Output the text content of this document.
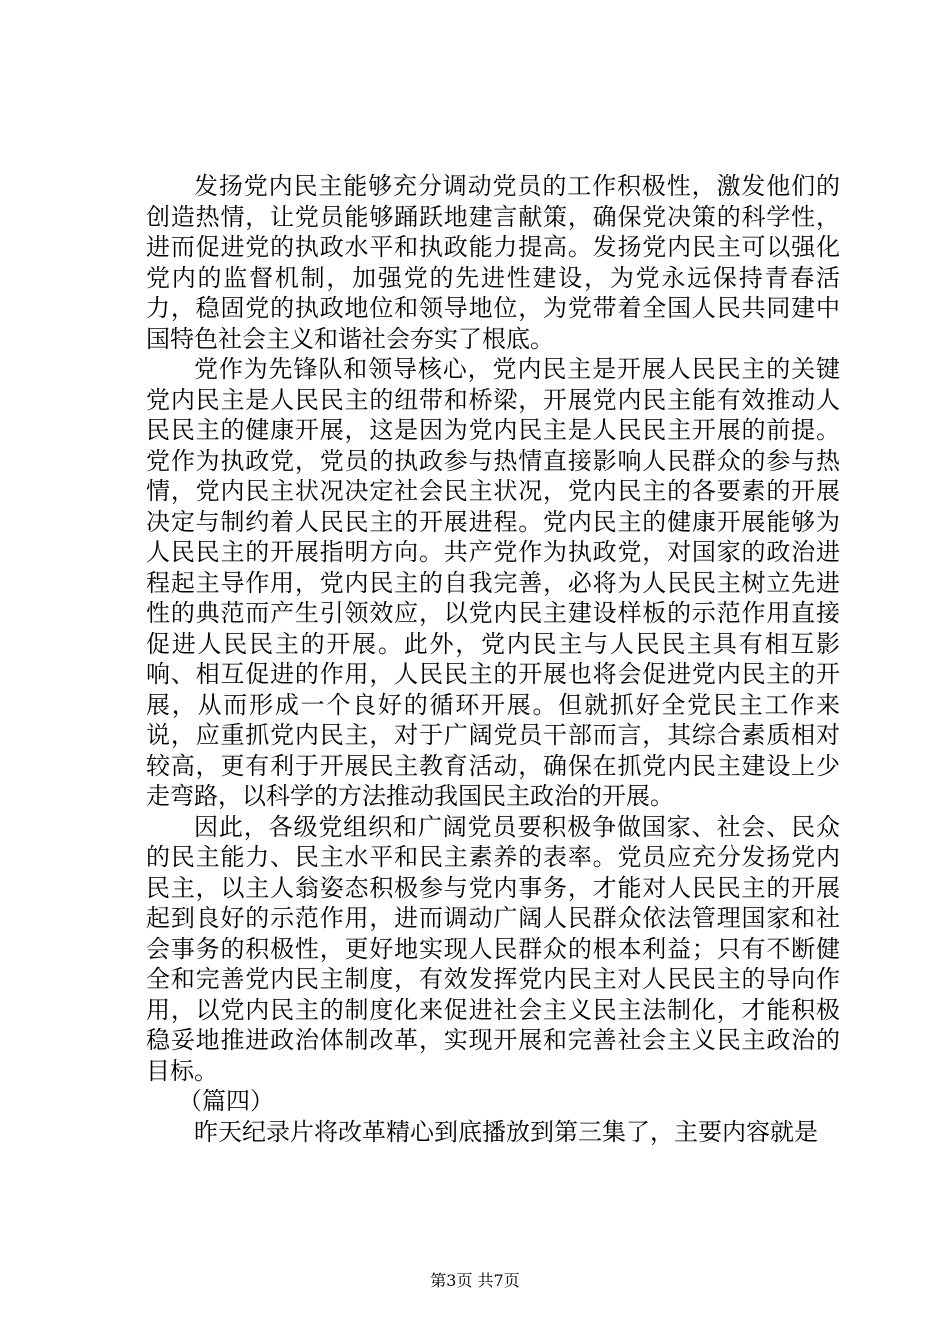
发扬党内民主能够充分调动党员的工作积极性，激发他们的创造热情，让党员能够踊跃地建言献策，确保党决策的科学性，进而促进党的执政水平和执政能力提高。发扬党内民主可以强化党内的监督机制，加强党的先进性建设，为党永远保持青春活力，稳固党的执政地位和领导地位，为党带着全国人民共同建中国特色社会主义和谐社会夯实了根底。

党作为先锋队和领导核心，党内民主是开展人民民主的关键党内民主是人民民主的纽带和桥梁，开展党内民主能有效推动人民民主的健康开展，这是因为党内民主是人民民主开展的前提。党作为执政党，党员的执政参与热情直接影响人民群众的参与热情，党内民主状况决定社会民主状况，党内民主的各要素的开展决定与制约着人民民主的开展进程。党内民主的健康开展能够为人民民主的开展指明方向。共产党作为执政党，对国家的政治进程起主导作用，党内民主的自我完善，必将为人民民主树立先进性的典范而产生引领效应，以党内民主建设样板的示范作用直接促进人民民主的开展。此外，党内民主与人民民主具有相互影响、相互促进的作用，人民民主的开展也将会促进党内民主的开展，从而形成一个良好的循环开展。但就抓好全党民主工作来说，应重抓党内民主，对于广阔党员干部而言，其综合素质相对较高，更有利于开展民主教育活动，确保在抓党内民主建设上少走弯路，以科学的方法推动我国民主政治的开展。

因此，各级党组织和广阔党员要积极争做国家、社会、民众的民主能力、民主水平和民主素养的表率。党员应充分发扬党内民主，以主人翁姿态积极参与党内事务，才能对人民民主的开展起到良好的示范作用，进而调动广阔人民群众依法管理国家和社会事务的积极性，更好地实现人民群众的根本利益；只有不断健全和完善党内民主制度，有效发挥党内民主对人民民主的导向作用，以党内民主的制度化来促进社会主义民主法制化，才能积极稳妥地推进政治体制改革，实现开展和完善社会主义民主政治的目标。

（篇四）

昨天纪录片将改革精心到底播放到第三集了，主要内容就是

第3页 共7页
